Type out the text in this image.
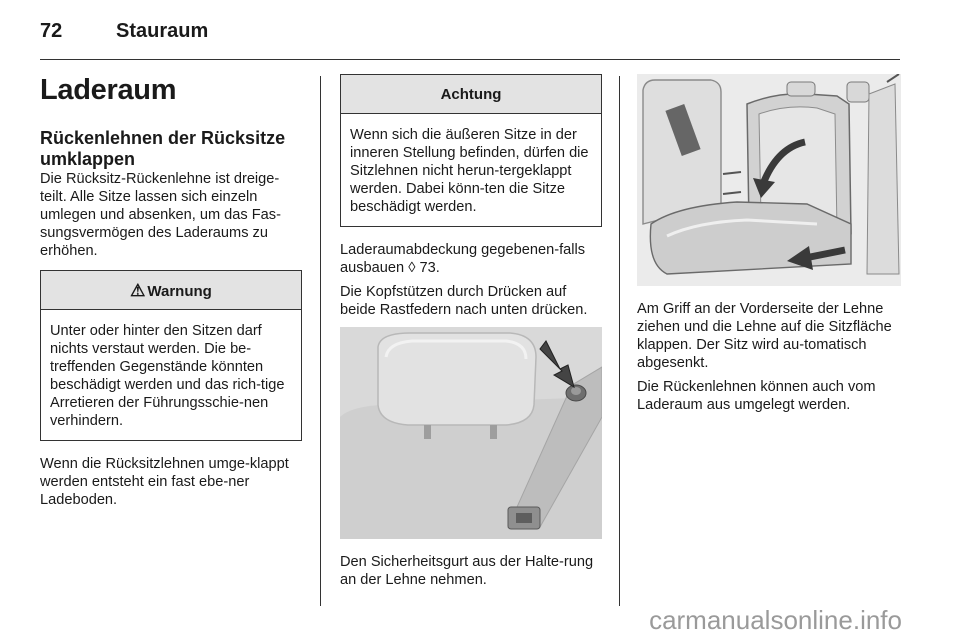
72	Stauraum
Laderaum
Rückenlehnen der Rücksitze umklappen

Die Rücksitz-Rückenlehne ist dreige-teilt. Alle Sitze lassen sich einzeln umlegen und absenken, um das Fas-sungsvermögen des Laderaums zu erhöhen.

⚠ Warnung

Unter oder hinter den Sitzen darf nichts verstaut werden. Die be-treffenden Gegenstände könnten beschädigt werden und das rich-tige Arretieren der Führungsschie-nen verhindern.

Wenn die Rücksitzlehnen umge-klappt werden entsteht ein fast ebe-ner Ladeboden.

Achtung

Wenn sich die äußeren Sitze in der inneren Stellung befinden, dürfen die Sitzlehnen nicht herun-tergeklappt werden. Dabei könn-ten die Sitze beschädigt werden.

Laderaumabdeckung gegebenen-falls ausbauen ◊ 73.

Die Kopfstützen durch Drücken auf beide Rastfedern nach unten drücken.

Den Sicherheitsgurt aus der Halte-rung an der Lehne nehmen.

Am Griff an der Vorderseite der Lehne ziehen und die Lehne auf die Sitzfläche klappen. Der Sitz wird au-tomatisch abgesenkt.

Die Rückenlehnen können auch vom Laderaum aus umgelegt werden.

carmanualsonline.info
